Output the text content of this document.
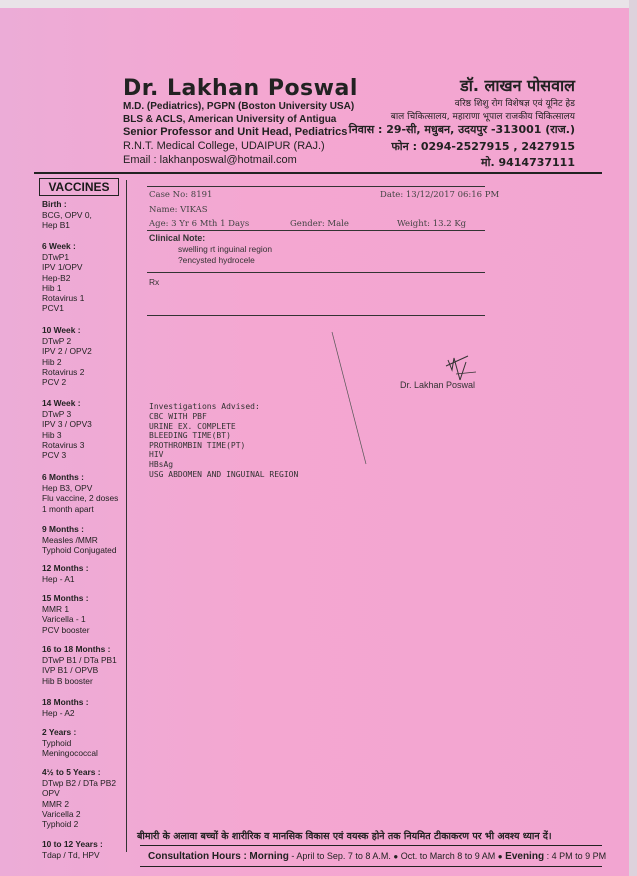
Dr. Lakhan Poswal
M.D. (Pediatrics), PGPN (Boston University USA)
BLS & ACLS, American University of Antigua
Senior Professor and Unit Head, Pediatrics
R.N.T. Medical College, UDAIPUR (RAJ.)
Email : lakhanposwal@hotmail.com
डॉ. लाखन पोसवाल
वरिष्ठ शिशु रोग विशेषज्ञ एवं यूनिट हेड
बाल चिकित्सालय, महाराणा भूपाल राजकीय चिकित्सालय
निवास : 29-सी, मधुबन, उदयपुर -313001 (राज.)
फोन : 0294-2527915 , 2427915
मो. 9414737111
VACCINES
Birth :
BCG, OPV 0,
Hep B1
6 Week :
DTwP1
IPV 1/OPV
Hep-B2
Hib 1
Rotavirus 1
PCV1
10 Week :
DTwP 2
IPV 2 / OPV2
Hib 2
Rotavirus 2
PCV 2
14 Week :
DTwP 3
IPV 3 / OPV3
Hib 3
Rotavirus 3
PCV 3
6 Months :
Hep B3, OPV
Flu vaccine, 2 doses
1 month apart
9 Months :
Measles /MMR
Typhoid Conjugated
12 Months :
Hep - A1
15 Months :
MMR 1
Varicella - 1
PCV booster
16 to 18 Months :
DTwP B1 / DTa PB1
IVP B1 / OPVB
Hib B booster
18 Months :
Hep - A2
2 Years :
Typhoid
Meningococcal
4½ to 5 Years :
DTwp B2 / DTa PB2
OPV
MMR 2
Varicella 2
Typhoid 2
10 to 12 Years :
Tdap / Td, HPV
Case No: 8191	Date: 13/12/2017 06:16 PM
Name: VIKAS
Age: 3 Yr 6 Mth 1 Days	Gender: Male	Weight: 13.2 Kg
Clinical Note:
swelling rt inguinal region
?encysted hydrocele
Rx
Dr. Lakhan Poswal
Investigations Advised:
CBC WITH PBF
URINE EX. COMPLETE
BLEEDING TIME(BT)
PROTHROMBIN TIME(PT)
HIV
HBsAg
USG ABDOMEN AND INGUINAL REGION
बीमारी के अलावा बच्चों के शारीरिक व मानसिक विकास एवं वयस्क होने तक नियमित टीकाकरण पर भी अवश्य ध्यान दें।
Consultation Hours : Morning - April to Sep. 7 to 8 A.M. ● Oct. to March 8 to 9 AM ● Evening : 4 PM to 9 PM
